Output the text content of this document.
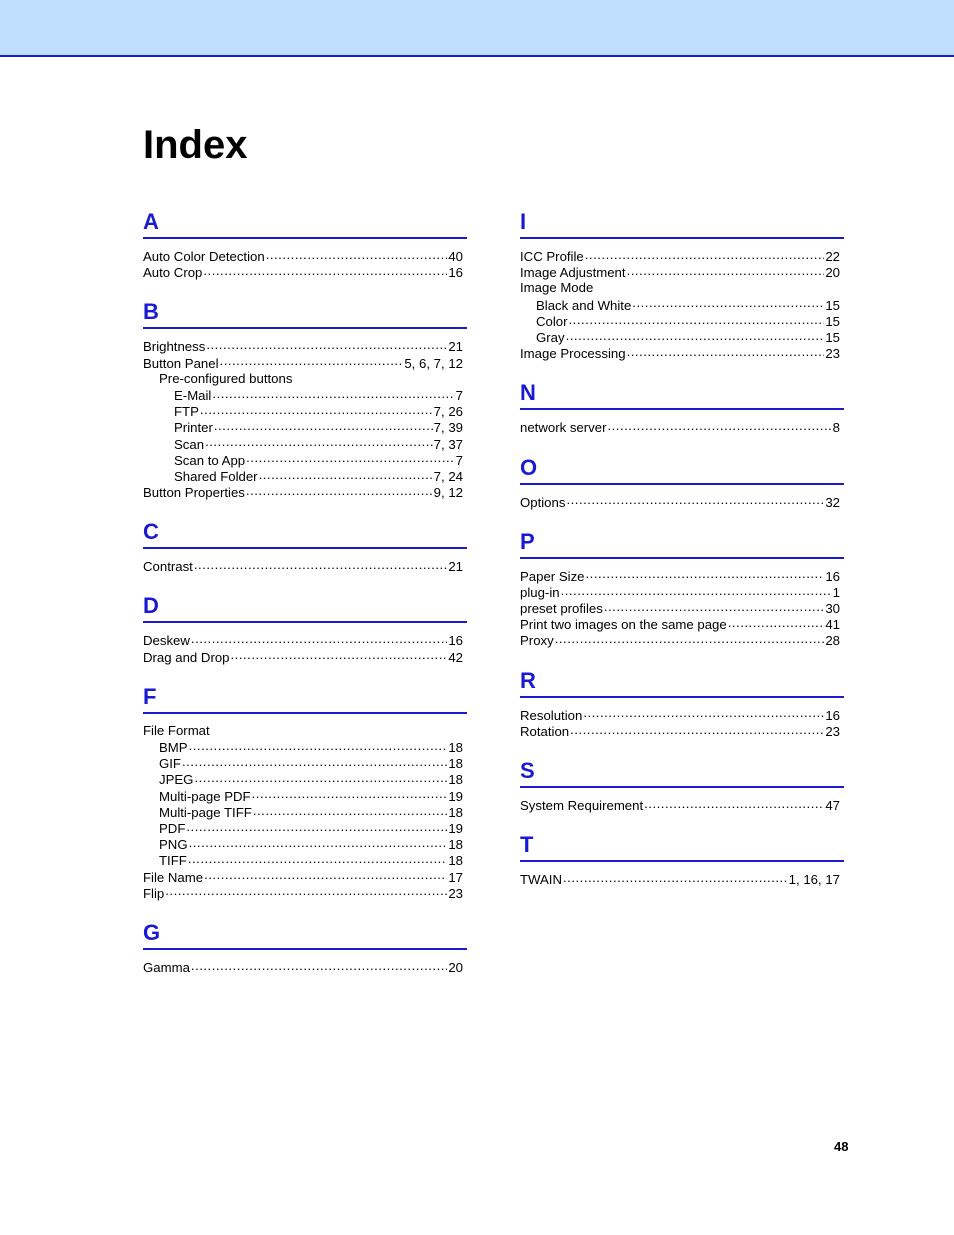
Index
A
Auto Color Detection .....	40
Auto Crop .....	16
B
Brightness .....	21
Button Panel .....	5, 6, 7, 12
Pre-configured buttons
E-Mail .....	7
FTP .....	7, 26
Printer .....	7, 39
Scan .....	7, 37
Scan to App .....	7
Shared Folder .....	7, 24
Button Properties .....	9, 12
C
Contrast .....	21
D
Deskew .....	16
Drag and Drop .....	42
F
File Format
BMP .....	18
GIF .....	18
JPEG .....	18
Multi-page PDF .....	19
Multi-page TIFF .....	18
PDF .....	19
PNG .....	18
TIFF .....	18
File Name .....	17
Flip .....	23
G
Gamma .....	20
I
ICC Profile .....	22
Image Adjustment .....	20
Image Mode
Black and White .....	15
Color .....	15
Gray .....	15
Image Processing .....	23
N
network server .....	8
O
Options .....	32
P
Paper Size .....	16
plug-in .....	1
preset profiles .....	30
Print two images on the same page .....	41
Proxy .....	28
R
Resolution .....	16
Rotation .....	23
S
System Requirement .....	47
T
TWAIN .....	1, 16, 17
48
